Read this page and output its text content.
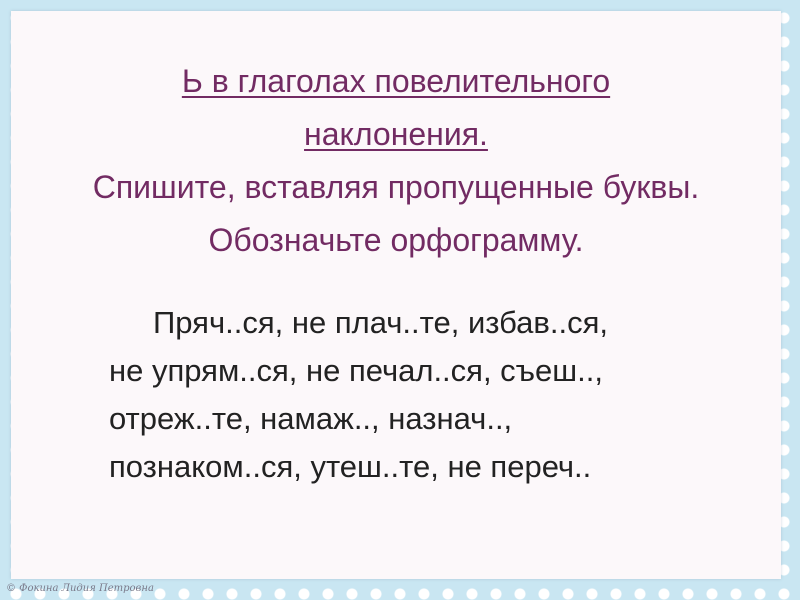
Ь в глаголах повелительного
наклонения.
Спишите, вставляя пропущенные буквы.
Обозначьте орфограмму.
Пряч..ся, не плач..те, избав..ся,
не упрям..ся, не печал..ся, съеш..,
отреж..те, намаж.., назнач..,
познаком..ся, утеш..те, не переч..
© Фокина Лидия Петровна
